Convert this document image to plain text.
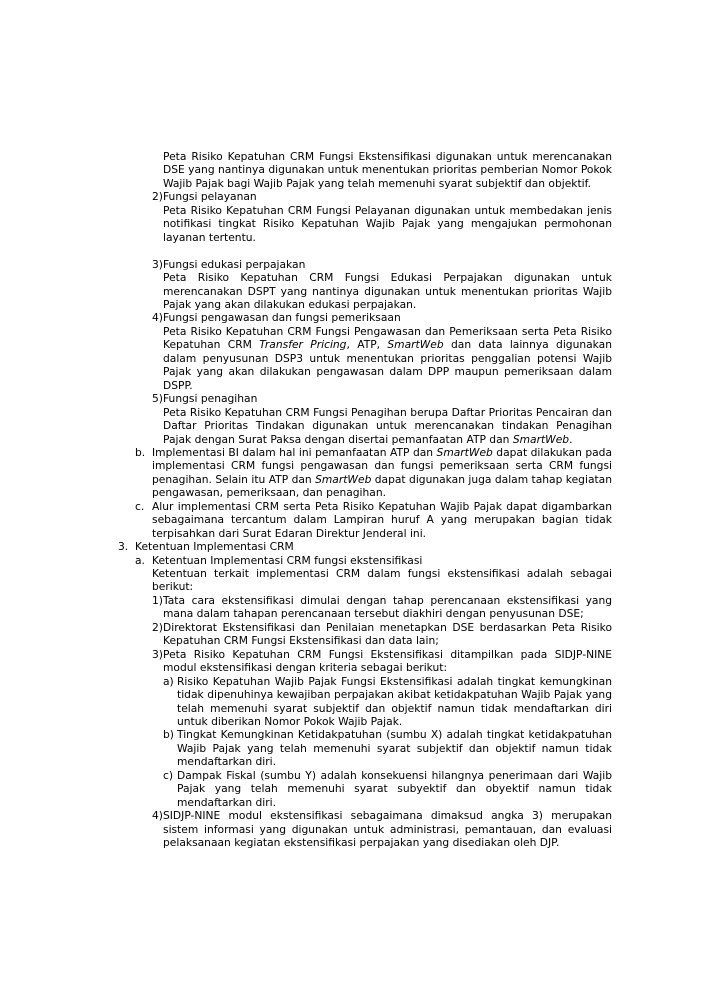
Peta Risiko Kepatuhan CRM Fungsi Ekstensifikasi digunakan untuk merencanakan DSE yang nantinya digunakan untuk menentukan prioritas pemberian Nomor Pokok Wajib Pajak bagi Wajib Pajak yang telah memenuhi syarat subjektif dan objektif.
2) Fungsi pelayanan
Peta Risiko Kepatuhan CRM Fungsi Pelayanan digunakan untuk membedakan jenis notifikasi tingkat Risiko Kepatuhan Wajib Pajak yang mengajukan permohonan layanan tertentu.
3) Fungsi edukasi perpajakan
Peta Risiko Kepatuhan CRM Fungsi Edukasi Perpajakan digunakan untuk merencanakan DSPT yang nantinya digunakan untuk menentukan prioritas Wajib Pajak yang akan dilakukan edukasi perpajakan.
4) Fungsi pengawasan dan fungsi pemeriksaan
Peta Risiko Kepatuhan CRM Fungsi Pengawasan dan Pemeriksaan serta Peta Risiko Kepatuhan CRM Transfer Pricing, ATP, SmartWeb dan data lainnya digunakan dalam penyusunan DSP3 untuk menentukan prioritas penggalian potensi Wajib Pajak yang akan dilakukan pengawasan dalam DPP maupun pemeriksaan dalam DSPP.
5) Fungsi penagihan
Peta Risiko Kepatuhan CRM Fungsi Penagihan berupa Daftar Prioritas Pencairan dan Daftar Prioritas Tindakan digunakan untuk merencanakan tindakan Penagihan Pajak dengan Surat Paksa dengan disertai pemanfaatan ATP dan SmartWeb.
b. Implementasi BI dalam hal ini pemanfaatan ATP dan SmartWeb dapat dilakukan pada implementasi CRM fungsi pengawasan dan fungsi pemeriksaan serta CRM fungsi penagihan. Selain itu ATP dan SmartWeb dapat digunakan juga dalam tahap kegiatan pengawasan, pemeriksaan, dan penagihan.
c. Alur implementasi CRM serta Peta Risiko Kepatuhan Wajib Pajak dapat digambarkan sebagaimana tercantum dalam Lampiran huruf A yang merupakan bagian tidak terpisahkan dari Surat Edaran Direktur Jenderal ini.
3. Ketentuan Implementasi CRM
a. Ketentuan Implementasi CRM fungsi ekstensifikasi
Ketentuan terkait implementasi CRM dalam fungsi ekstensifikasi adalah sebagai berikut:
1) Tata cara ekstensifikasi dimulai dengan tahap perencanaan ekstensifikasi yang mana dalam tahapan perencanaan tersebut diakhiri dengan penyusunan DSE;
2) Direktorat Ekstensifikasi dan Penilaian menetapkan DSE berdasarkan Peta Risiko Kepatuhan CRM Fungsi Ekstensifikasi dan data lain;
3) Peta Risiko Kepatuhan CRM Fungsi Ekstensifikasi ditampilkan pada SIDJP-NINE modul ekstensifikasi dengan kriteria sebagai berikut:
a) Risiko Kepatuhan Wajib Pajak Fungsi Ekstensifikasi adalah tingkat kemungkinan tidak dipenuhinya kewajiban perpajakan akibat ketidakpatuhan Wajib Pajak yang telah memenuhi syarat subjektif dan objektif namun tidak mendaftarkan diri untuk diberikan Nomor Pokok Wajib Pajak.
b) Tingkat Kemungkinan Ketidakpatuhan (sumbu X) adalah tingkat ketidakpatuhan Wajib Pajak yang telah memenuhi syarat subjektif dan objektif namun tidak mendaftarkan diri.
c) Dampak Fiskal (sumbu Y) adalah konsekuensi hilangnya penerimaan dari Wajib Pajak yang telah memenuhi syarat subyektif dan obyektif namun tidak mendaftarkan diri.
4) SIDJP-NINE modul ekstensifikasi sebagaimana dimaksud angka 3) merupakan sistem informasi yang digunakan untuk administrasi, pemantauan, dan evaluasi pelaksanaan kegiatan ekstensifikasi perpajakan yang disediakan oleh DJP.
